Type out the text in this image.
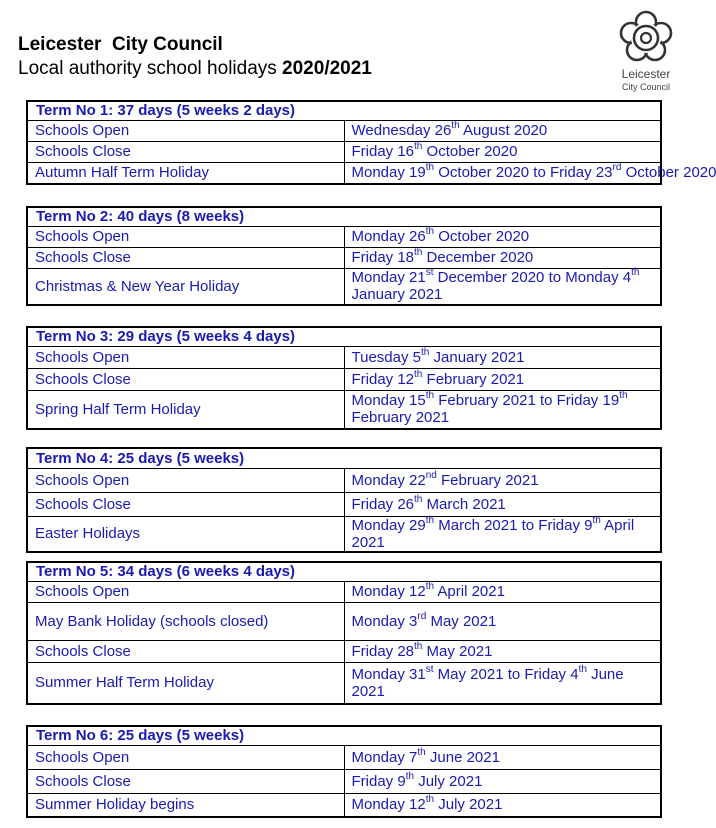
Leicester  City Council
Local authority school holidays 2020/2021	Leicester
City Council
Term No 1: 37 days (5 weeks 2 days)	
Schools Open	Wednesday 26th August 2020
Schools Close	Friday 16th October 2020
Autumn Half Term Holiday	Monday 19th October 2020 to Friday 23rd October 2020
Term No 2: 40 days (8 weeks)	
Schools Open	Monday 26th October 2020
Schools Close	Friday 18th December 2020
Christmas & New Year Holiday	Monday 21st December 2020 to Monday 4th January 2021
Term No 3: 29 days (5 weeks 4 days)	
Schools Open	Tuesday 5th January 2021
Schools Close	Friday 12th February 2021
Spring Half Term Holiday	Monday 15th February 2021 to Friday 19th February 2021
Term No 4: 25 days (5 weeks)	
Schools Open	Monday 22nd February 2021
Schools Close	Friday 26th March 2021
Easter Holidays	Monday 29th March 2021 to Friday 9th April 2021
Term No 5: 34 days (6 weeks 4 days)	
Schools Open	Monday 12th April 2021
May Bank Holiday (schools closed)	Monday 3rd May 2021
Schools Close	Friday 28th May 2021
Summer Half Term Holiday	Monday 31st May 2021 to Friday 4th June 2021
Term No 6: 25 days (5 weeks)	
Schools Open	Monday 7th June 2021
Schools Close	Friday 9th July 2021
Summer Holiday begins	Monday 12th July 2021
